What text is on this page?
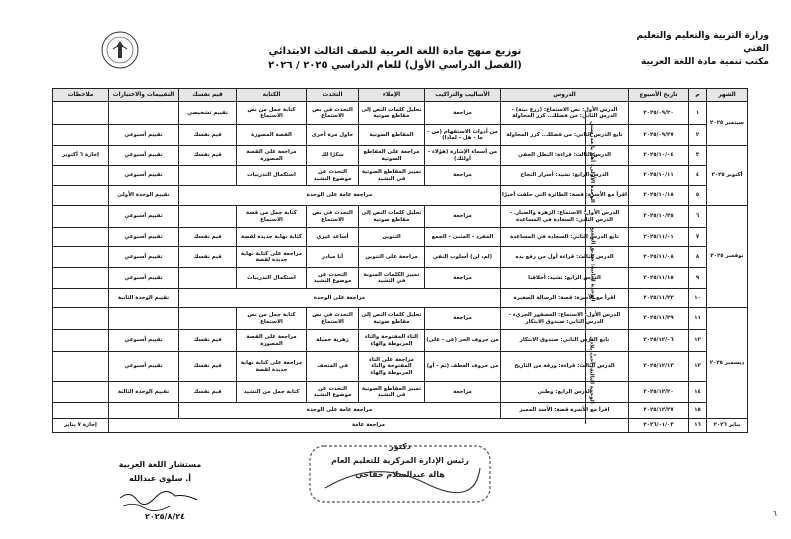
وزارة التربية والتعليم والتعليم الفني
مكتب تنمية مادة اللغة العربية
توزيع منهج مادة اللغة العربية للصف الثالث الابتدائي
(الفصل الدراسي الأول) للعام الدراسي ٢٠٢٥ / ٢٠٢٦
الشهر	م	تاريخ الأسبوع	الدروس	الأساليب والتراكيب	الإملاء	التحدث	الكتابة	قيم نفسك	التقييمات والاختبارات	ملاحظات
سبتمبر ٢٠٢٥	١	٢٠٢٥/٠٩/٢٠	الدرس الأول: نص الاستماع: (زرع نبتة) - الدرس الثاني: من فضلك.. كرر المحاولة	مراجعة	تحليل كلمات النص إلى مقاطع صوتية	التحدث في نص الاستماع	كتابة جمل من نص الاستماع	تقييم تشخيصي		
	٢	٢٠٢٥/٠٩/٢٧	تابع الدرس الثاني: من فضلك.. كرر المحاولة	من أدوات الاستفهام (من - ما - هل - لماذا)	المقاطع الصوتية	حاول مرة أخرى	القصة المصورة	قيم نفسك	تقييم أسبوعي	
أكتوبر ٢٠٢٥	٣	٢٠٢٥/١٠/٠٤	الدرس الثالث: قراءة: البطل الخفي	من أسماء الإشارة (هؤلاء - أولئك)	مراجعة على المقاطع الصوتية	شكرًا لك	مراجعة على القصة المصورة	قيم نفسك	تقييم أسبوعي	إجازة ٦ أكتوبر
	٤	٢٠٢٥/١٠/١١	الدرس الرابع: نشيد: أسرار النجاح	مراجعة	تمييز المقاطع الصوتية في النشيد	التحدث عن موضوع النشيد	استكمال التدريبات		تقييم أسبوعي	
	٥	٢٠٢٥/١٠/١٨	اقرأ مع الأسرة: قصة: الطائرة التي حلقت أخيرًا	مراجعة عامة على الوحدة					تقييم الوحدة الأولى	
نوفمبر ٢٠٢٥	٦	٢٠٢٥/١٠/٢٥	الدرس الأول: الاستماع: الزهرة والصبار. - الدرس الثاني: السعادة في المساعدة	مراجعة	تحليل كلمات النص إلى مقاطع صوتية	التحدث في نص الاستماع	كتابة جمل من قصة الاستماع		تقييم أسبوعي	
	٧	٢٠٢٥/١١/٠١	تابع الدرس الثاني: السعادة في المساعدة	المفرد - المثنى - الجمع	التنوين	أساعد غيري	كتابة نهاية جديدة لقصة	قيم نفسك	تقييم أسبوعي	
	٨	٢٠٢٥/١١/٠٨	الدرس الثالث: قراءة أول من رفع يده	(لم، لن) أسلوب النفي	مراجعة على التنوين	أنا مبادر	مراجعة على كتابة نهاية جديدة لقصة	قيم نفسك	تقييم أسبوعي	
	٩	٢٠٢٥/١١/١٥	الدرس الرابع: نشيد: أخلاقنا	مراجعة	تمييز الكلمات المنونة في النشيد	التحدث عن موضوع النشيد	استكمال التدريبات		تقييم أسبوعي	
	١٠	٢٠٢٥/١١/٢٢	اقرأ مع الأسرة: قصة: الرسالة الصغيرة	مراجعة على الوحدة					تقييم الوحدة الثانية	
ديسمبر ٢٠٢٥	١١	٢٠٢٥/١١/٢٩	الدرس الأول: الاستماع: العصفور الجريء - الدرس الثاني: صندوق الابتكار	مراجعة	تحليل كلمات النص إلى مقاطع صوتية	التحدث في نص الاستماع	كتابة جمل من نص الاستماع			
	١٢	٢٠٢٥/١٢/٠٦	تابع الدرس الثاني: صندوق الابتكار	من حروف الجر (عن - على)	التاء المفتوحة والتاء المربوطة والهاء	زهرية جميلة	مراجعة على القصة المصورة	قيم نفسك	تقييم أسبوعي	
	١٣	٢٠٢٥/١٢/١٣	الدرس الثالث: قراءة: ورقة من التاريخ	من حروف العطف (ثم - أو)	مراجعة على التاء المفتوحة والتاء المربوطة والهاء	في المتحف	مراجعة على كتابة نهاية جديدة لقصة	قيم نفسك	تقييم أسبوعي	
	١٤	٢٠٢٥/١٢/٢٠	الدرس الرابع: وطني	مراجعة	تمييز المقاطع الصوتية في النشيد	التحدث عن موضوع النشيد	كتابة جمل من النشيد	قيم نفسك	تقييم الوحدة الثالثة	
	١٥	٢٠٢٥/١٢/٢٧	اقرأ مع الأسرة قصة: الأسد المميز	مراجعة عامة على الوحدة						
يناير ٢٠٢٦	١٦	٢٠٢٦/٠١/٠٣	مراجعة عامة							إجازة ٧ يناير
الوحدة الأولى: أهلًا يا مدرستي
الوحدة الثانية: صديق الجميع
الوحدة الثالثة: أحبُّ بلادي
مستشار اللغة العربية
أ. سلوى عبدالله
٢٠٢٥/٨/٢٤
دكتور
رئيس الإدارة المركزية للتعليم العام
هالة عبدالسلام خفاجي
٦
